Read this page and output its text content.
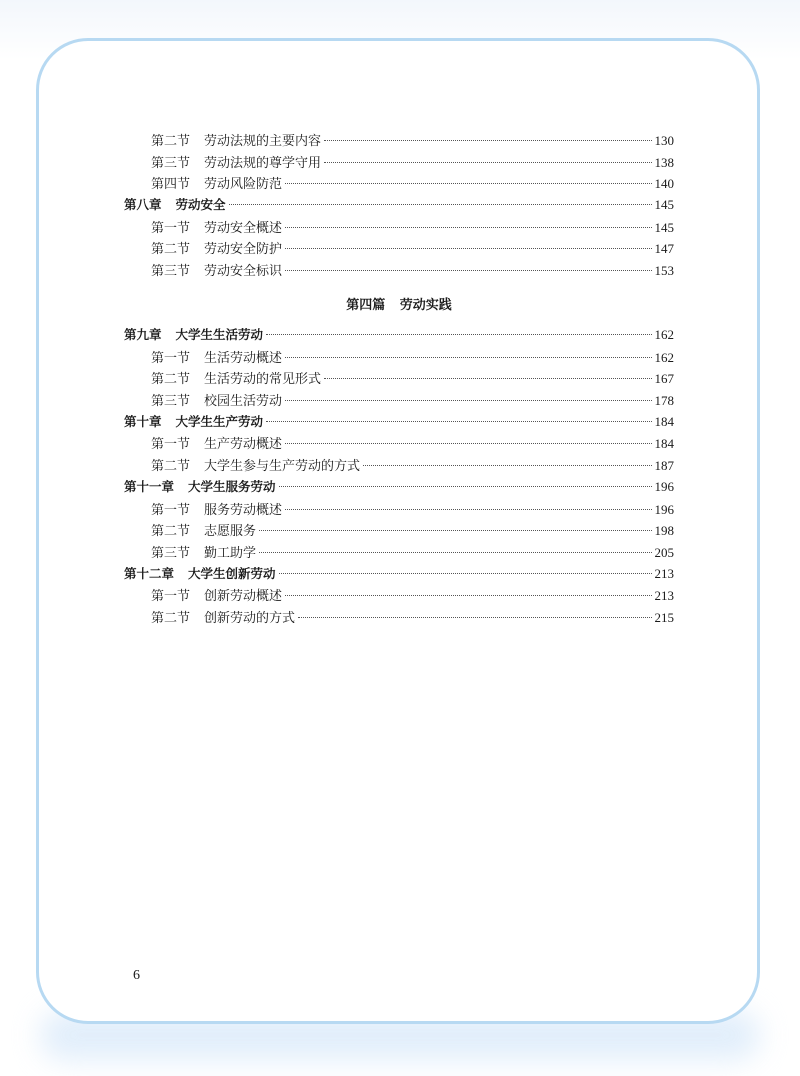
第二节 劳动法规的主要内容	130
第三节 劳动法规的尊学守用	138
第四节 劳动风险防范	140
第八章 劳动安全	145
第一节 劳动安全概述	145
第二节 劳动安全防护	147
第三节 劳动安全标识	153
第四篇 劳动实践
第九章 大学生生活劳动	162
第一节 生活劳动概述	162
第二节 生活劳动的常见形式	167
第三节 校园生活劳动	178
第十章 大学生生产劳动	184
第一节 生产劳动概述	184
第二节 大学生参与生产劳动的方式	187
第十一章 大学生服务劳动	196
第一节 服务劳动概述	196
第二节 志愿服务	198
第三节 勤工助学	205
第十二章 大学生创新劳动	213
第一节 创新劳动概述	213
第二节 创新劳动的方式	215
6
